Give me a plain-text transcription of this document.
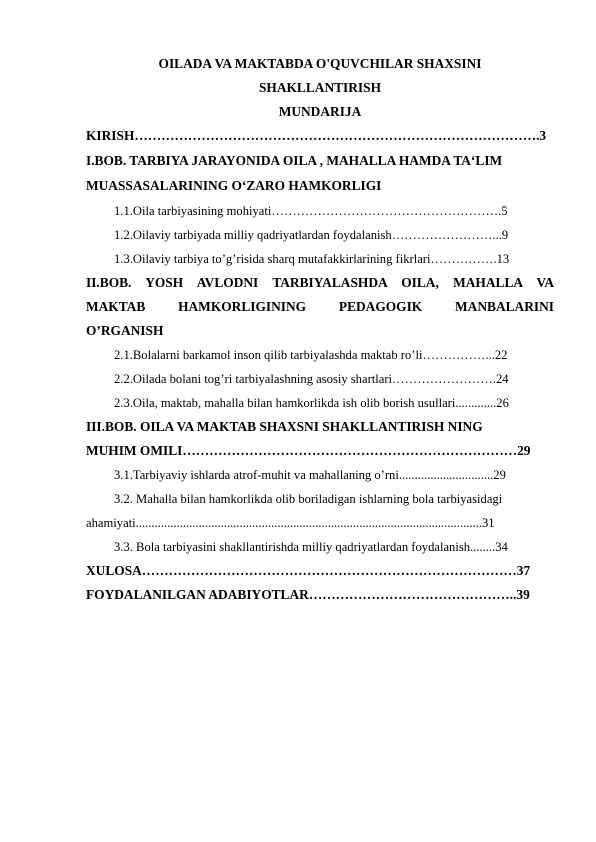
OILADA VA MAKTABDA O'QUVCHILAR SHAXSINI
SHAKLLANTIRISH
MUNDARIJA
KIRISH……………………………………………………………………………….3
I.BOB. TARBIYA JARAYONIDA OILA , MAHALLA HAMDA TA‘LIM
MUASSASALARINING O‘ZARO HAMKORLIGI
1.1.Oila tarbiyasining mohiyati……………………………………………….5
1.2.Oilaviy tarbiyada milliy qadriyatlardan foydalanish……………………...9
1.3.Oilaviy tarbiya to’g’risida sharq mutafakkirlarining fikrlari…………….13
II.BOB. YOSH AVLODNI TARBIYALASHDA OILA, MAHALLA VA
MAKTAB HAMKORLIGINING PEDAGOGIK MANBALARINI
O’RGANISH
2.1.Bolalarni barkamol inson qilib tarbiyalashda maktab ro’li……………...22
2.2.Oilada bolani tog’ri tarbiyalashning asosiy shartlari…………………….24
2.3.Oila, maktab, mahalla bilan hamkorlikda ish olib borish usullari.............26
III.BOB. OILA VA MAKTAB SHAXSNI SHAKLLANTIRISH NING
MUHIM OMILI…………………………………………………………………29
3.1.Tarbiyaviy ishlarda atrof-muhit va mahallaning o’rni..............................29
3.2. Mahalla bilan hamkorlikda olib boriladigan ishlarning bola tarbiyasidagi
ahamiyati..............................................................................................................31
3.3. Bola tarbiyasini shakllantirishda milliy qadriyatlardan foydalanish........34
XULOSA…………………………………………………………………………37
FOYDALANILGAN ADABIYOTLAR………………………………………..39
